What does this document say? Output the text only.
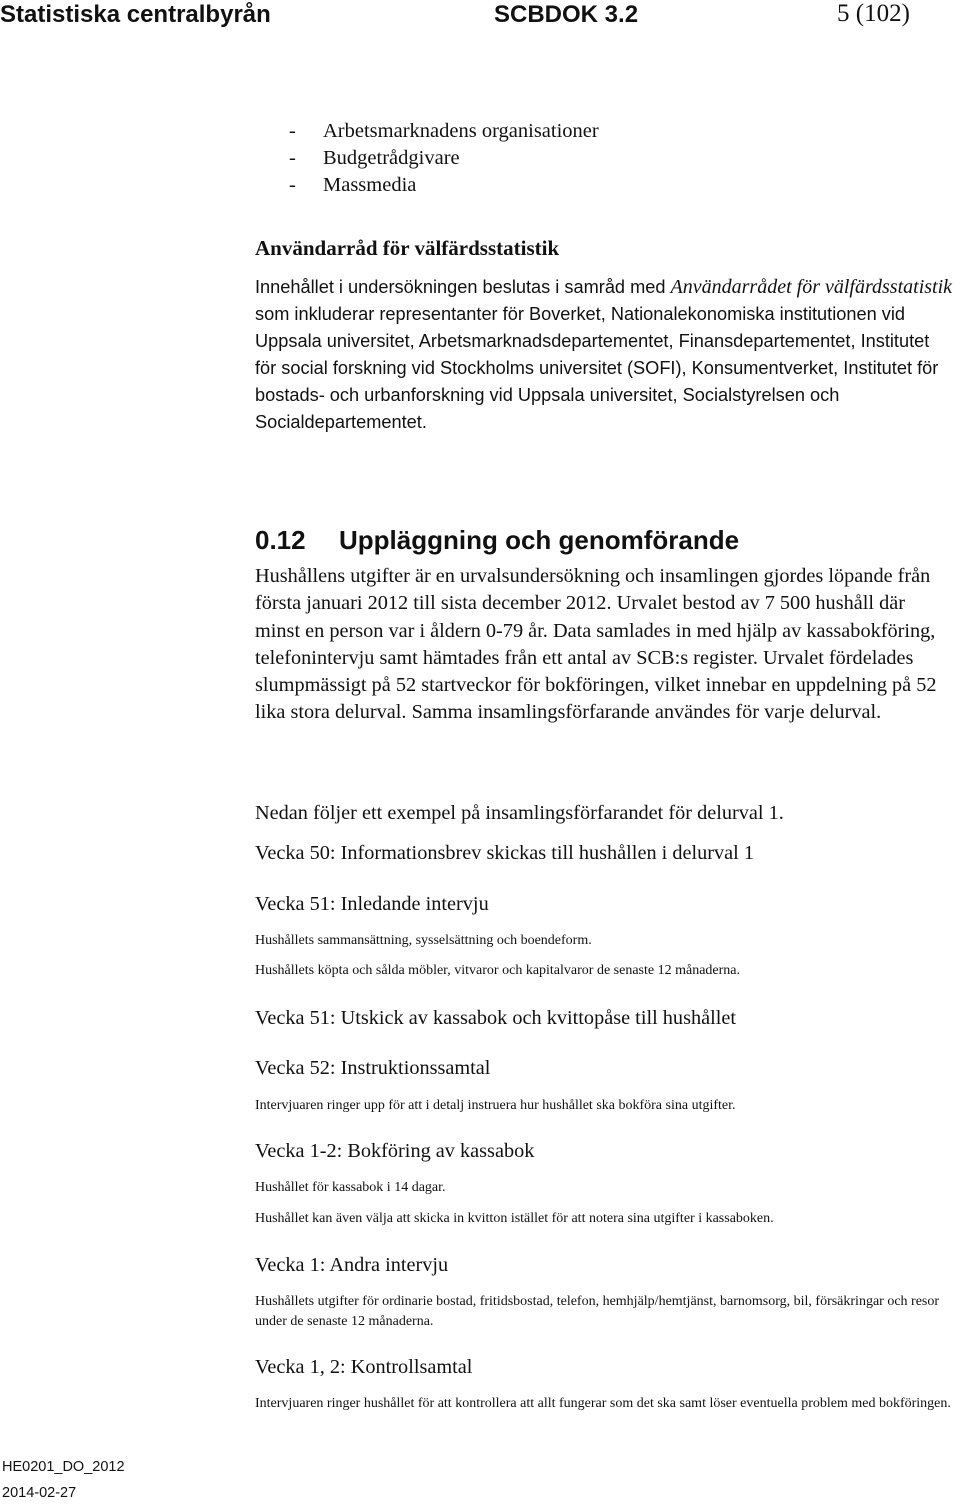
Statistiska centralbyrån	SCBDOK 3.2	5 (102)
-	Arbetsmarknadens organisationer
-	Budgetrådgivare
-	Massmedia
Användarråd för välfärdsstatistik
Innehållet i undersökningen beslutas i samråd med Användarrådet för välfärdsstatistik som inkluderar representanter för Boverket, Nationalekonomiska institutionen vid Uppsala universitet, Arbetsmarknadsdepartementet, Finansdepartementet, Institutet för social forskning vid Stockholms universitet (SOFI), Konsumentverket, Institutet för bostads- och urbanforskning vid Uppsala universitet, Socialstyrelsen och Socialdepartementet.
0.12 Uppläggning och genomförande
Hushållens utgifter är en urvalsundersökning och insamlingen gjordes löpande från första januari 2012 till sista december 2012. Urvalet bestod av 7 500 hushåll där minst en person var i åldern 0-79 år. Data samlades in med hjälp av kassabokföring, telefonintervju samt hämtades från ett antal av SCB:s register. Urvalet fördelades slumpmässigt på 52 startveckor för bokföringen, vilket innebar en uppdelning på 52 lika stora delurval. Samma insamlingsförfarande användes för varje delurval.
Nedan följer ett exempel på insamlingsförfarandet för delurval 1.
Vecka 50: Informationsbrev skickas till hushållen i delurval 1
Vecka 51: Inledande intervju
Hushållets sammansättning, sysselsättning och boendeform.
Hushållets köpta och sålda möbler, vitvaror och kapitalvaror de senaste 12 månaderna.
Vecka 51: Utskick av kassabok och kvittopåse till hushållet
Vecka 52: Instruktionssamtal
Intervjuaren ringer upp för att i detalj instruera hur hushållet ska bokföra sina utgifter.
Vecka 1-2: Bokföring av kassabok
Hushållet för kassabok i 14 dagar.
Hushållet kan även välja att skicka in kvitton istället för att notera sina utgifter i kassaboken.
Vecka 1: Andra intervju
Hushållets utgifter för ordinarie bostad, fritidsbostad, telefon, hemhjälp/hemtjänst, barnomsorg, bil, försäkringar och resor under de senaste 12 månaderna.
Vecka 1, 2: Kontrollsamtal
Intervjuaren ringer hushållet för att kontrollera att allt fungerar som det ska samt löser eventuella problem med bokföringen.
HE0201_DO_2012
2014-02-27
